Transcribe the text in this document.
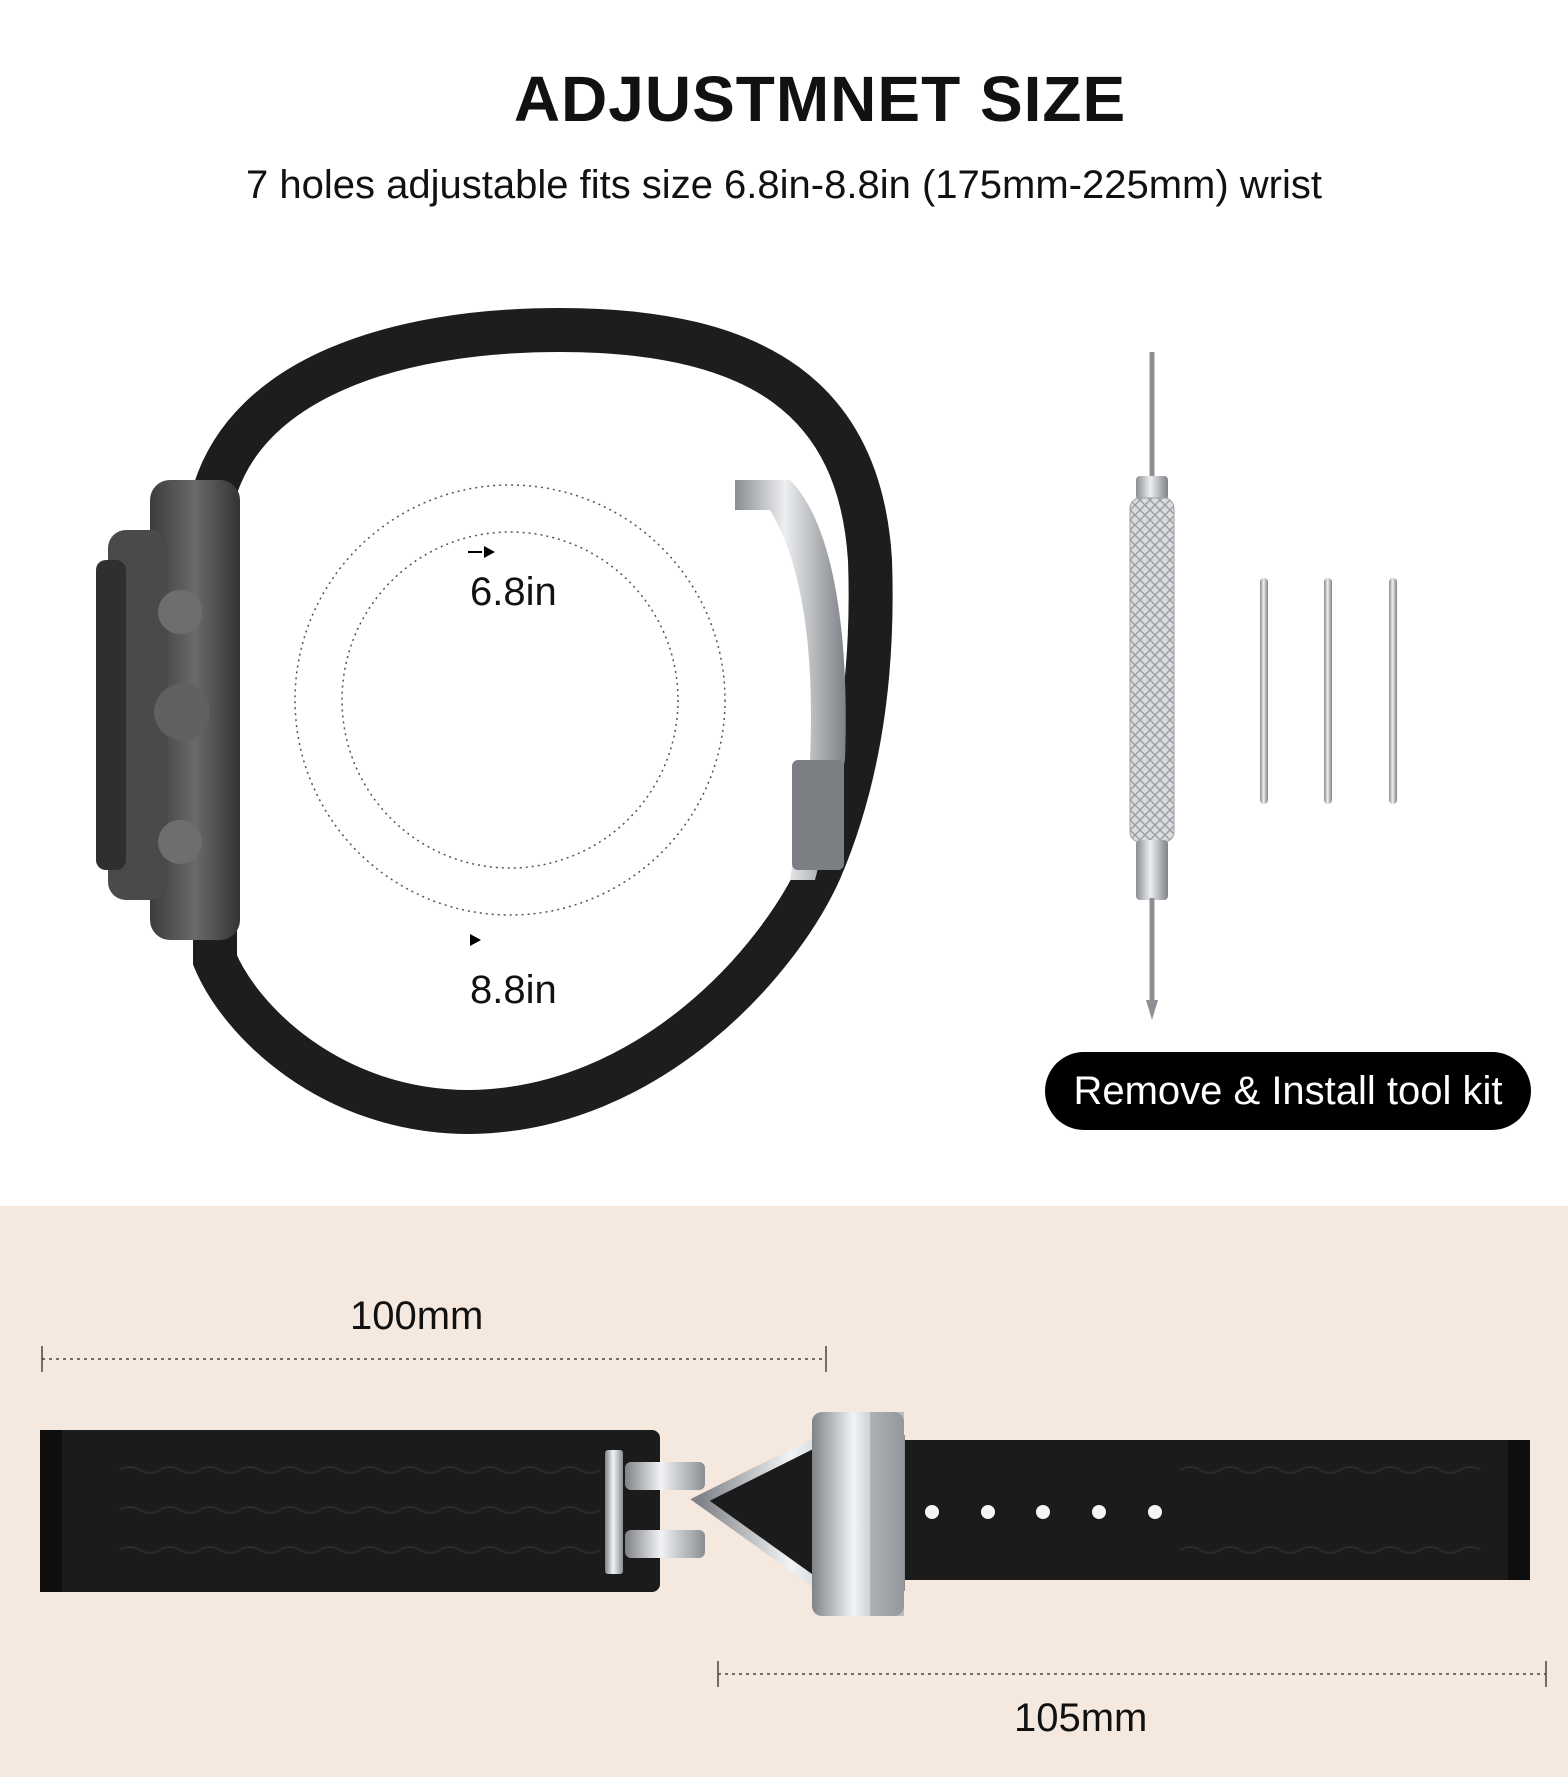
ADJUSTMNET SIZE
7 holes adjustable fits size 6.8in-8.8in (175mm-225mm) wrist
6.8in
8.8in
Remove & Install tool kit
100mm
105mm
